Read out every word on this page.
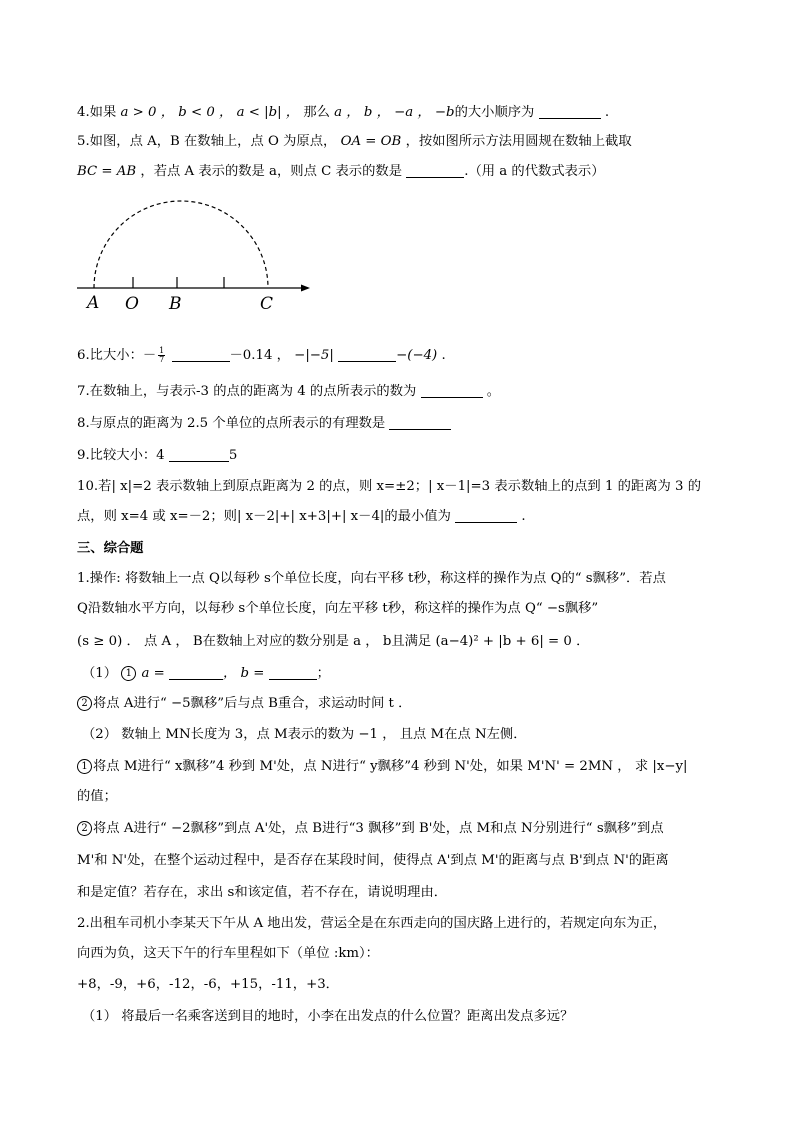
4.如果 a > 0 ， b < 0 ， a < |b| ， 那么 a ， b ， −a ， −b的大小顺序为	.
5.如图，点 A，B 在数轴上，点 O 为原点， OA = OB ，按如图所示方法用圆规在数轴上截取
BC = AB ，若点 A 表示的数是 a，则点 C 表示的数是	.（用 a 的代数式表示）
A O B	C
6.比大小：－ $\frac{1}{7}$	－0.14 ， −|−5|	−(−4) .
7.在数轴上，与表示-3 的点的距离为 4 的点所表示的数为	。
8.与原点的距离为 2.5 个单位的点所表示的有理数是
9.比较大小：4	5
10.若| x|=2 表示数轴上到原点距离为 2 的点，则 x=±2；| x－1|=3 表示数轴上的点到 1 的距离为 3 的
点，则 x=4 或 x=－2；则| x－2|+| x+3|+| x－4|的最小值为	.
三、综合题
1.操作: 将数轴上一点 Q以每秒 s个单位长度，向右平移 t秒，称这样的操作为点 Q的“ s飘移”．若点
Q沿数轴水平方向，以每秒 s个单位长度，向左平移 t秒，称这样的操作为点 Q“ −s飘移”
(s ≥ 0) ． 点 A ， B在数轴上对应的数分别是 a ， b且满足 (a−4)² + |b + 6| = 0 ．
（1） 1 a =	， b =	；
2 将点 A进行“ −5飘移”后与点 B重合，求运动时间 t ．
（2） 数轴上 MN长度为 3，点 M表示的数为 −1 ， 且点 M在点 N左侧．
1 将点 M进行“ x飘移”4 秒到 M'处，点 N进行“ y飘移”4 秒到 N'处，如果 M'N' = 2MN ， 求 |x−y|
的值；
2 将点 A进行“ −2飘移”到点 A'处，点 B进行“3 飘移”到 B'处，点 M和点 N分别进行“ s飘移”到点
M'和 N'处，在整个运动过程中，是否存在某段时间，使得点 A'到点 M'的距离与点 B'到点 N'的距离
和是定值？若存在，求出 s和该定值，若不存在，请说明理由．
2.出租车司机小李某天下午从 A 地出发，营运全是在东西走向的国庆路上进行的，若规定向东为正，
向西为负，这天下午的行车里程如下（单位 :km）：
+8，-9，+6，-12，-6，+15，-11，+3．
（1） 将最后一名乘客送到目的地时，小李在出发点的什么位置？距离出发点多远？
